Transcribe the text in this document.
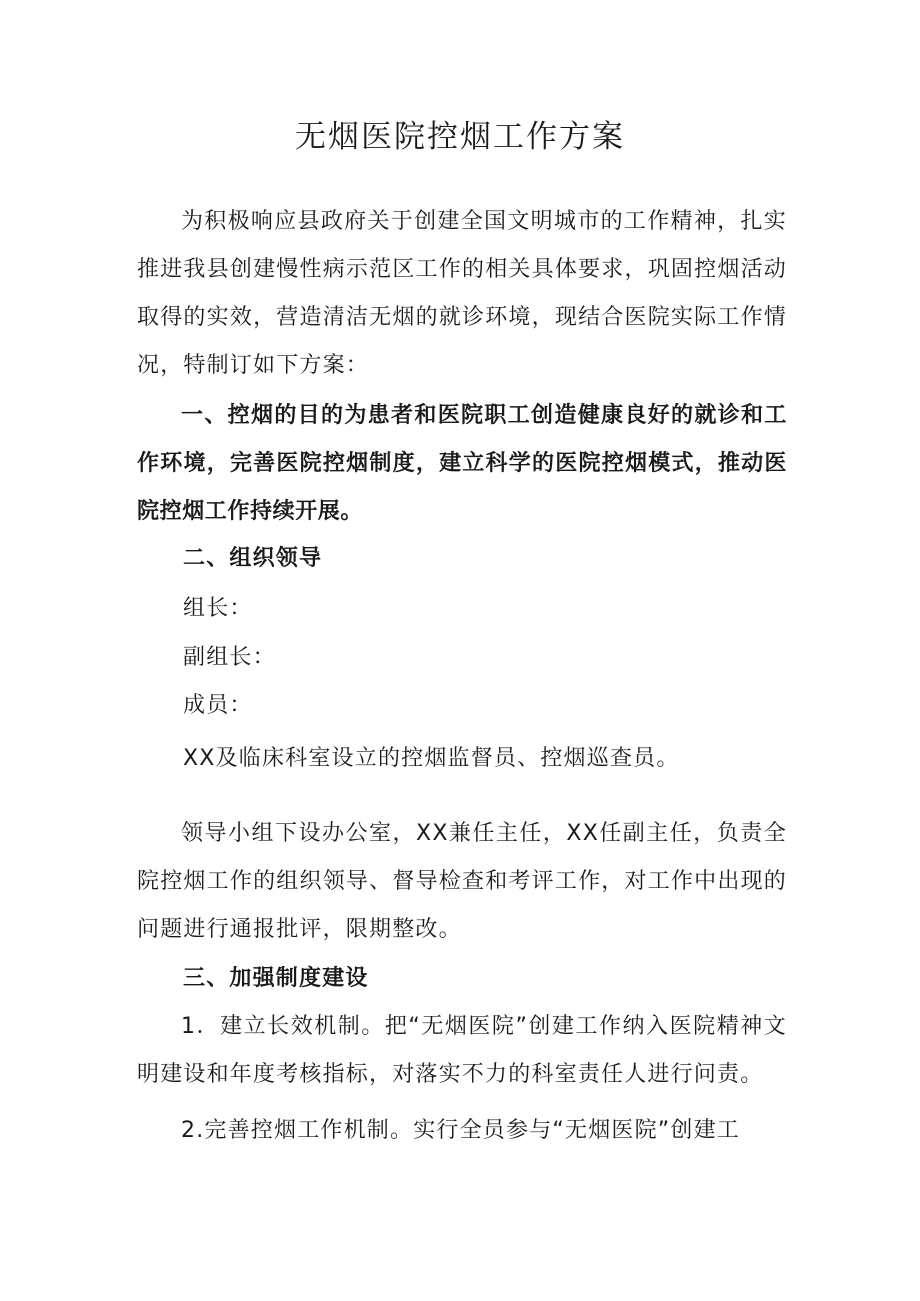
无烟医院控烟工作方案

为积极响应县政府关于创建全国文明城市的工作精神，扎实推进我县创建慢性病示范区工作的相关具体要求，巩固控烟活动取得的实效，营造清洁无烟的就诊环境，现结合医院实际工作情况，特制订如下方案：

一、控烟的目的为患者和医院职工创造健康良好的就诊和工作环境，完善医院控烟制度，建立科学的医院控烟模式，推动医院控烟工作持续开展。

二、组织领导

组长：

副组长：

成员：

XX及临床科室设立的控烟监督员、控烟巡查员。

领导小组下设办公室，XX兼任主任，XX任副主任，负责全院控烟工作的组织领导、督导检查和考评工作，对工作中出现的问题进行通报批评，限期整改。

三、加强制度建设

1．建立长效机制。把“无烟医院”创建工作纳入医院精神文明建设和年度考核指标，对落实不力的科室责任人进行问责。

2.完善控烟工作机制。实行全员参与“无烟医院”创建工
